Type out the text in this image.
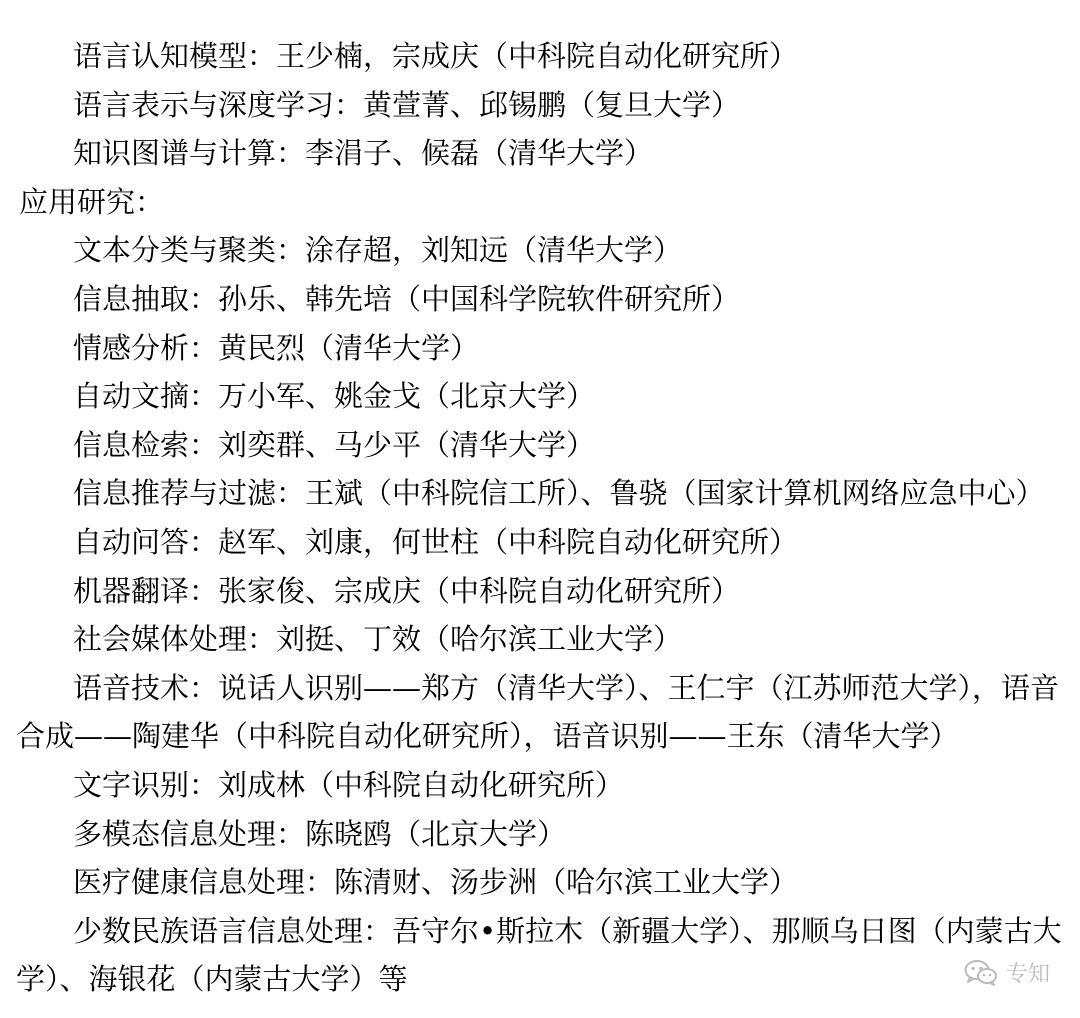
语言认知模型：王少楠，宗成庆（中科院自动化研究所）
语言表示与深度学习：黄萱菁、邱锡鹏（复旦大学）
知识图谱与计算：李涓子、候磊（清华大学）
应用研究：
文本分类与聚类：涂存超，刘知远（清华大学）
信息抽取：孙乐、韩先培（中国科学院软件研究所）
情感分析：黄民烈（清华大学）
自动文摘：万小军、姚金戈（北京大学）
信息检索：刘奕群、马少平（清华大学）
信息推荐与过滤：王斌（中科院信工所）、鲁骁（国家计算机网络应急中心）
自动问答：赵军、刘康，何世柱（中科院自动化研究所）
机器翻译：张家俊、宗成庆（中科院自动化研究所）
社会媒体处理：刘挺、丁效（哈尔滨工业大学）
语音技术：说话人识别——郑方（清华大学）、王仁宇（江苏师范大学），语音
合成——陶建华（中科院自动化研究所），语音识别——王东（清华大学）
文字识别：刘成林（中科院自动化研究所）
多模态信息处理：陈晓鸥（北京大学）
医疗健康信息处理：陈清财、汤步洲（哈尔滨工业大学）
少数民族语言信息处理：吾守尔•斯拉木（新疆大学）、那顺乌日图（内蒙古大
学）、海银花（内蒙古大学）等	专知
